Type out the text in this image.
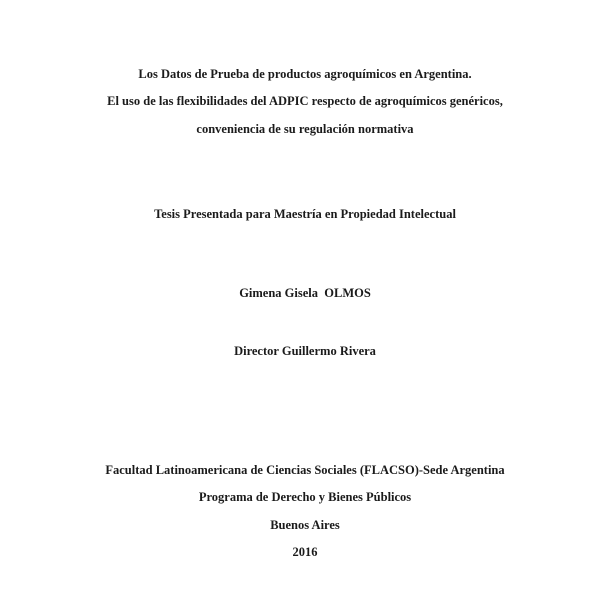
Los Datos de Prueba de productos agroquímicos en Argentina.
El uso de las flexibilidades del ADPIC respecto de agroquímicos genéricos,
conveniencia de su regulación normativa
Tesis Presentada para Maestría en Propiedad Intelectual
Gimena Gisela  OLMOS
Director Guillermo Rivera
Facultad Latinoamericana de Ciencias Sociales (FLACSO)-Sede Argentina
Programa de Derecho y Bienes Públicos
Buenos Aires
2016
